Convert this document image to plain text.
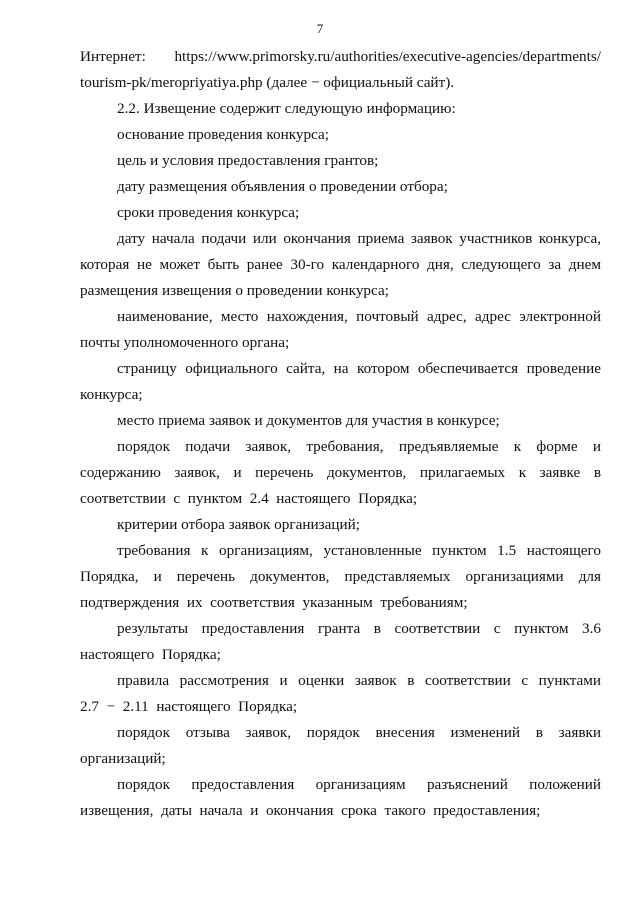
7
Интернет: https://www.primorsky.ru/authorities/executive-agencies/departments/

tourism-pk/meropriyatiya.php (далее − официальный сайт).

2.2. Извещение содержит следующую информацию:

основание проведения конкурса;

цель и условия предоставления грантов;

дату размещения объявления о проведении отбора;

сроки проведения конкурса;

дату начала подачи или окончания приема заявок участников конкурса, которая не может быть ранее 30-го календарного дня, следующего за днем размещения извещения о проведении конкурса;

наименование, место нахождения, почтовый адрес, адрес электронной почты уполномоченного органа;

страницу официального сайта, на котором обеспечивается проведение конкурса;

место приема заявок и документов для участия в конкурсе;

порядок подачи заявок, требования, предъявляемые к форме и содержанию заявок, и перечень документов, прилагаемых к заявке в соответствии с пунктом 2.4 настоящего Порядка;

критерии отбора заявок организаций;

требования к организациям, установленные пунктом 1.5 настоящего Порядка, и перечень документов, представляемых организациями для подтверждения их соответствия указанным требованиям;

результаты предоставления гранта в соответствии с пунктом 3.6 настоящего Порядка;

правила рассмотрения и оценки заявок в соответствии с пунктами 2.7 − 2.11 настоящего Порядка;

порядок отзыва заявок, порядок внесения изменений в заявки организаций;

порядок предоставления организациям разъяснений положений извещения, даты начала и окончания срока такого предоставления;
